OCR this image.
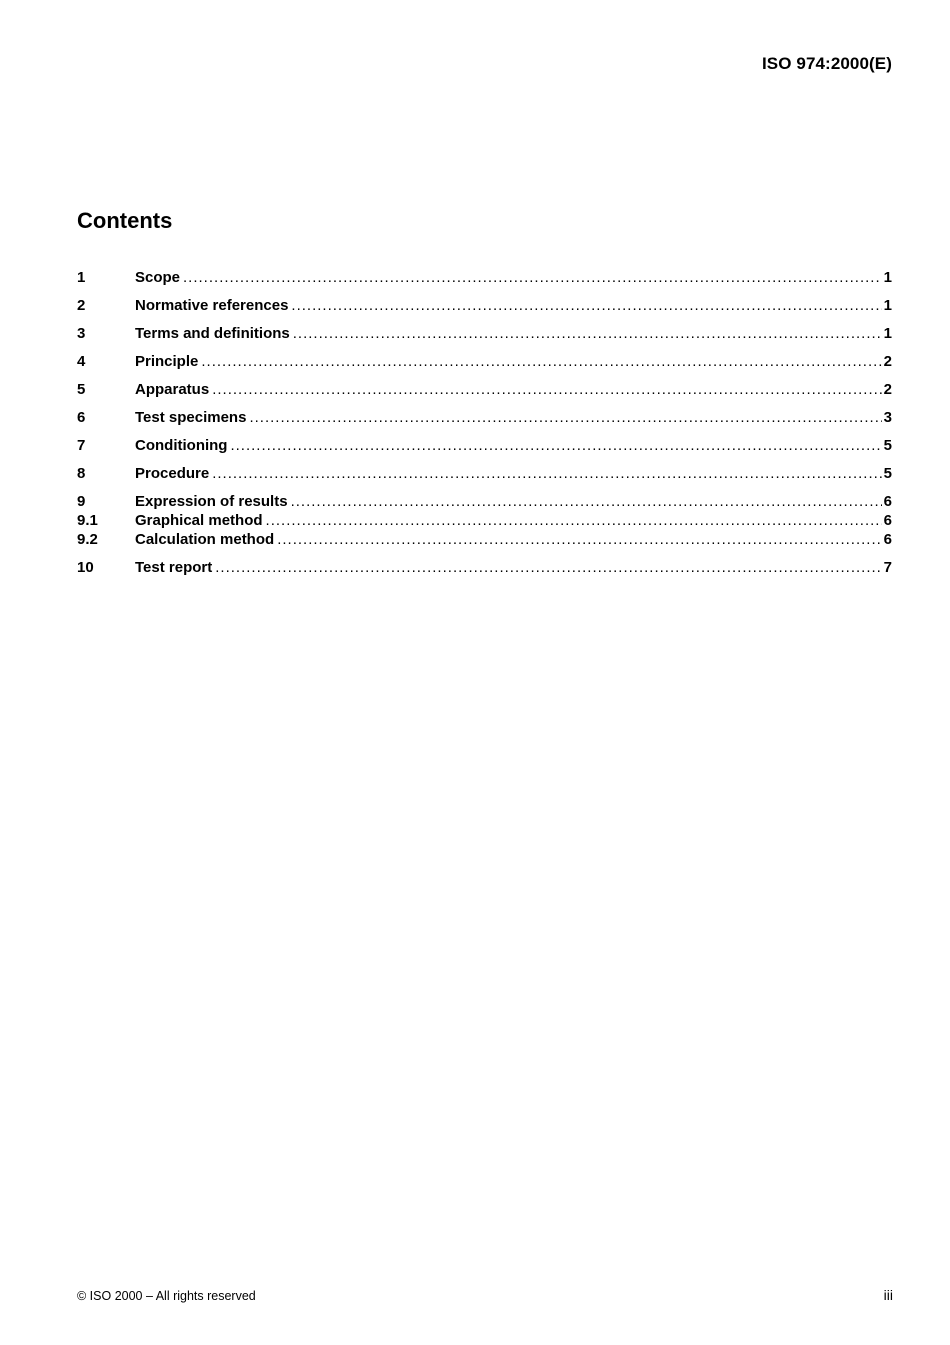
ISO 974:2000(E)
Contents
1	Scope .....	1
2	Normative references .....	1
3	Terms and definitions .....	1
4	Principle .....	2
5	Apparatus .....	2
6	Test specimens .....	3
7	Conditioning .....	5
8	Procedure .....	5
9	Expression of results .....	6
9.1	Graphical method .....	6
9.2	Calculation method .....	6
10	Test report .....	7
© ISO 2000 – All rights reserved	iii
